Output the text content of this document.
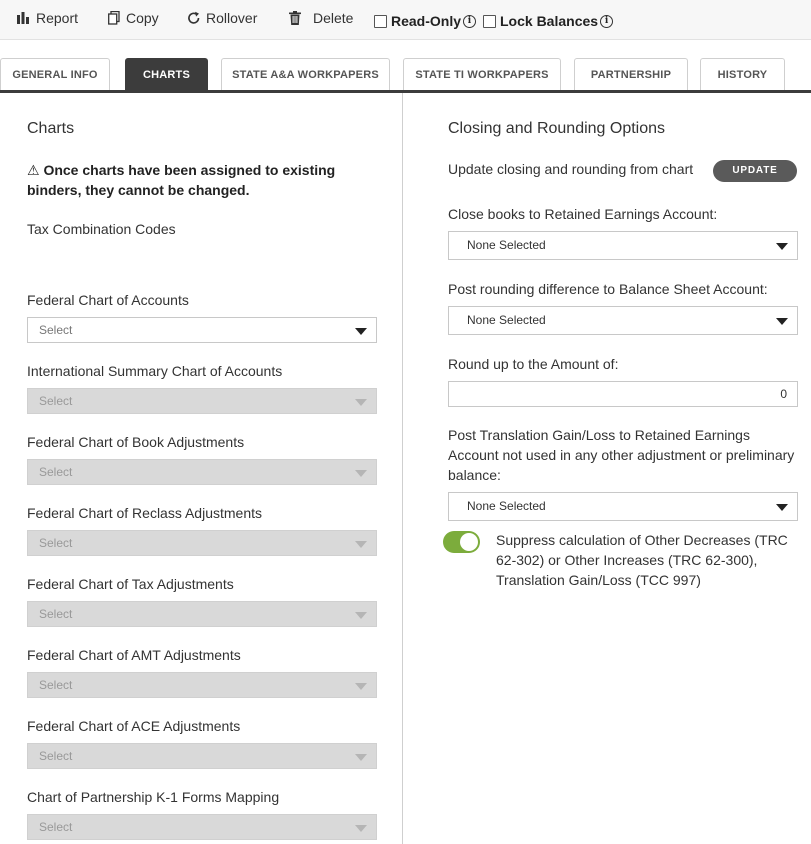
Report	Copy	Rollover	Delete	Read-Only i	Lock Balances i
GENERAL INFO	CHARTS	STATE A&A WORKPAPERS	STATE TI WORKPAPERS	PARTNERSHIP	HISTORY
Charts
⚠ Once charts have been assigned to existing binders, they cannot be changed.
Tax Combination Codes
Federal Chart of Accounts
Select
International Summary Chart of Accounts
Select
Federal Chart of Book Adjustments
Select
Federal Chart of Reclass Adjustments
Select
Federal Chart of Tax Adjustments
Select
Federal Chart of AMT Adjustments
Select
Federal Chart of ACE Adjustments
Select
Chart of Partnership K-1 Forms Mapping
Select
Closing and Rounding Options
Update closing and rounding from chart	UPDATE
Close books to Retained Earnings Account:
None Selected
Post rounding difference to Balance Sheet Account:
None Selected
Round up to the Amount of:
0
Post Translation Gain/Loss to Retained Earnings Account not used in any other adjustment or preliminary balance:
None Selected
Suppress calculation of Other Decreases (TRC 62-302) or Other Increases (TRC 62-300), Translation Gain/Loss (TCC 997)
